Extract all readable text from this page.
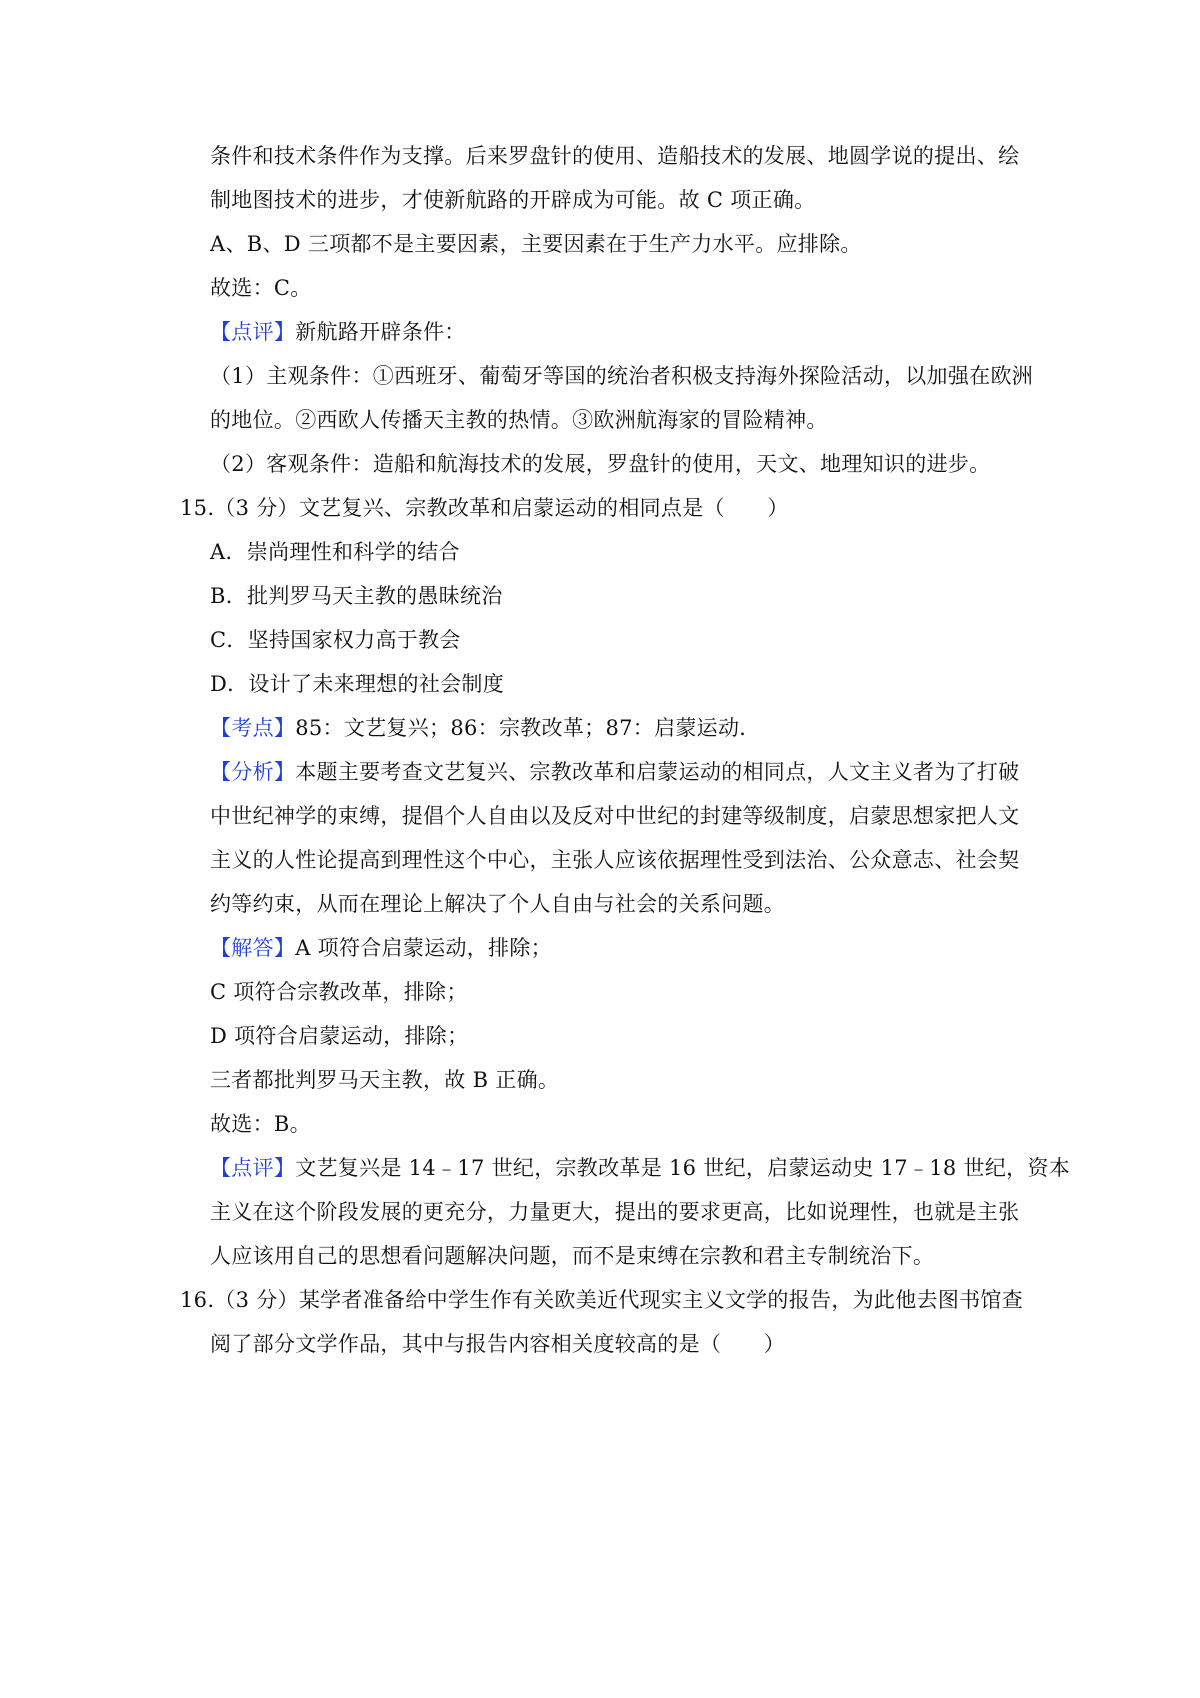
条件和技术条件作为支撑。后来罗盘针的使用、造船技术的发展、地圆学说的提出、绘
制地图技术的进步，才使新航路的开辟成为可能。故 C 项正确。
A、B、D 三项都不是主要因素，主要因素在于生产力水平。应排除。
故选：C。
【点评】新航路开辟条件：
（1）主观条件：①西班牙、葡萄牙等国的统治者积极支持海外探险活动，以加强在欧洲
的地位。②西欧人传播天主教的热情。③欧洲航海家的冒险精神。
（2）客观条件：造船和航海技术的发展，罗盘针的使用，天文、地理知识的进步。
15.（3 分）文艺复兴、宗教改革和启蒙运动的相同点是（　　）
A．崇尚理性和科学的结合
B．批判罗马天主教的愚昧统治
C．坚持国家权力高于教会
D．设计了未来理想的社会制度
【考点】85：文艺复兴；86：宗教改革；87：启蒙运动．
【分析】本题主要考查文艺复兴、宗教改革和启蒙运动的相同点，人文主义者为了打破
中世纪神学的束缚，提倡个人自由以及反对中世纪的封建等级制度，启蒙思想家把人文
主义的人性论提高到理性这个中心，主张人应该依据理性受到法治、公众意志、社会契
约等约束，从而在理论上解决了个人自由与社会的关系问题。
【解答】A 项符合启蒙运动，排除；
C 项符合宗教改革，排除；
D 项符合启蒙运动，排除；
三者都批判罗马天主教，故 B 正确。
故选：B。
【点评】文艺复兴是 14﹣17 世纪，宗教改革是 16 世纪，启蒙运动史 17﹣18 世纪，资本
主义在这个阶段发展的更充分，力量更大，提出的要求更高，比如说理性，也就是主张
人应该用自己的思想看问题解决问题，而不是束缚在宗教和君主专制统治下。
16.（3 分）某学者准备给中学生作有关欧美近代现实主义文学的报告，为此他去图书馆查
阅了部分文学作品，其中与报告内容相关度较高的是（　　）
